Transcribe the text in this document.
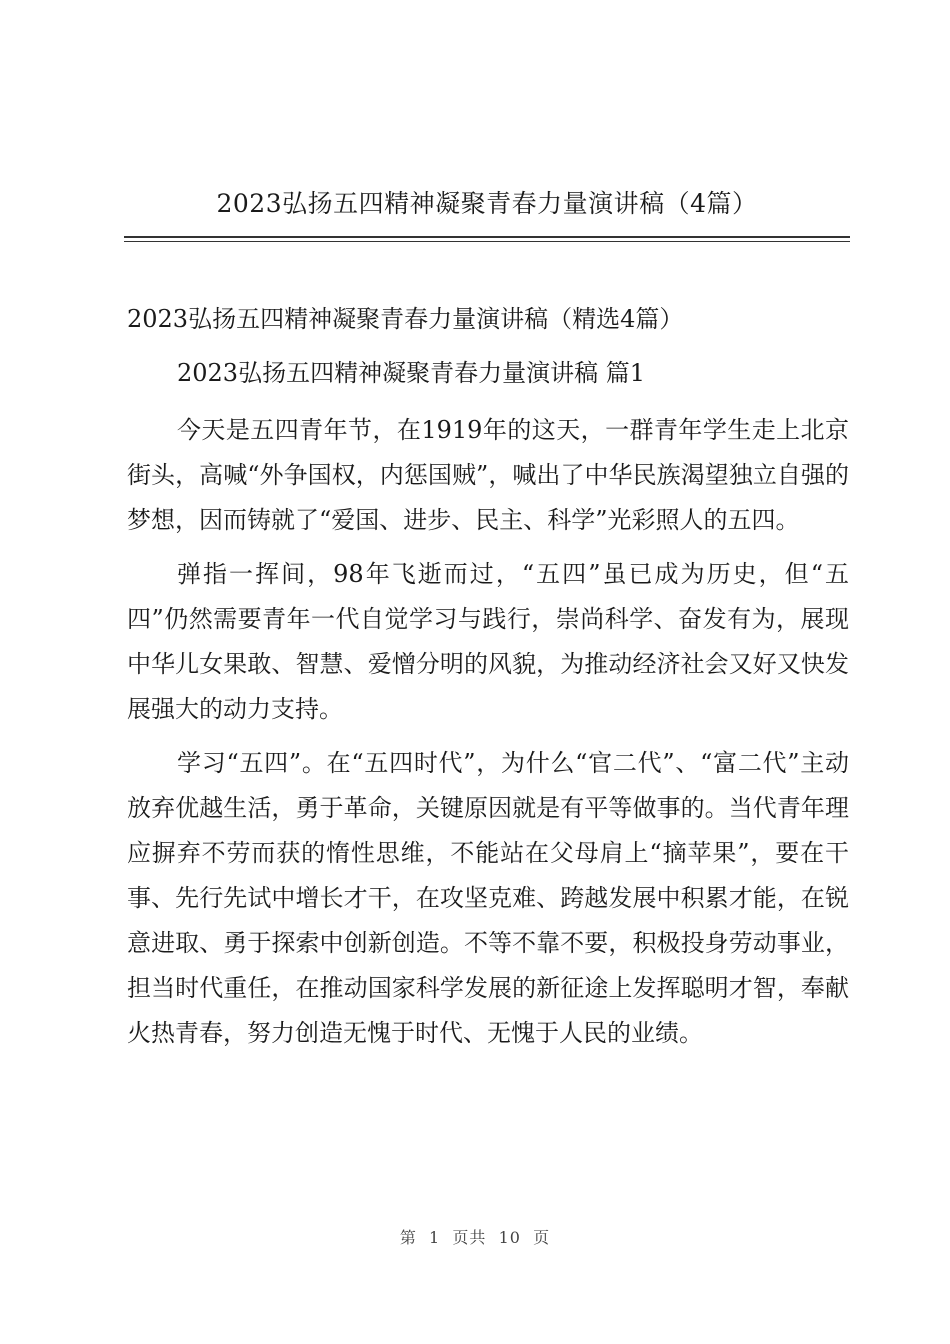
2023弘扬五四精神凝聚青春力量演讲稿（4篇）

2023弘扬五四精神凝聚青春力量演讲稿（精选4篇）

2023弘扬五四精神凝聚青春力量演讲稿 篇1

今天是五四青年节，在1919年的这天，一群青年学生走上北京街头，高喊“外争国权，内惩国贼”，喊出了中华民族渴望独立自强的梦想，因而铸就了“爱国、进步、民主、科学”光彩照人的五四。

弹指一挥间，98年飞逝而过，“五四”虽已成为历史，但“五四”仍然需要青年一代自觉学习与践行，崇尚科学、奋发有为，展现中华儿女果敢、智慧、爱憎分明的风貌，为推动经济社会又好又快发展强大的动力支持。

学习“五四”。在“五四时代”，为什么“官二代”、“富二代”主动放弃优越生活，勇于革命，关键原因就是有平等做事的。当代青年理应摒弃不劳而获的惰性思维，不能站在父母肩上“摘苹果”，要在干事、先行先试中增长才干，在攻坚克难、跨越发展中积累才能，在锐意进取、勇于探索中创新创造。不等不靠不要，积极投身劳动事业，担当时代重任，在推动国家科学发展的新征途上发挥聪明才智，奉献火热青春，努力创造无愧于时代、无愧于人民的业绩。

第  1  页共  10  页
